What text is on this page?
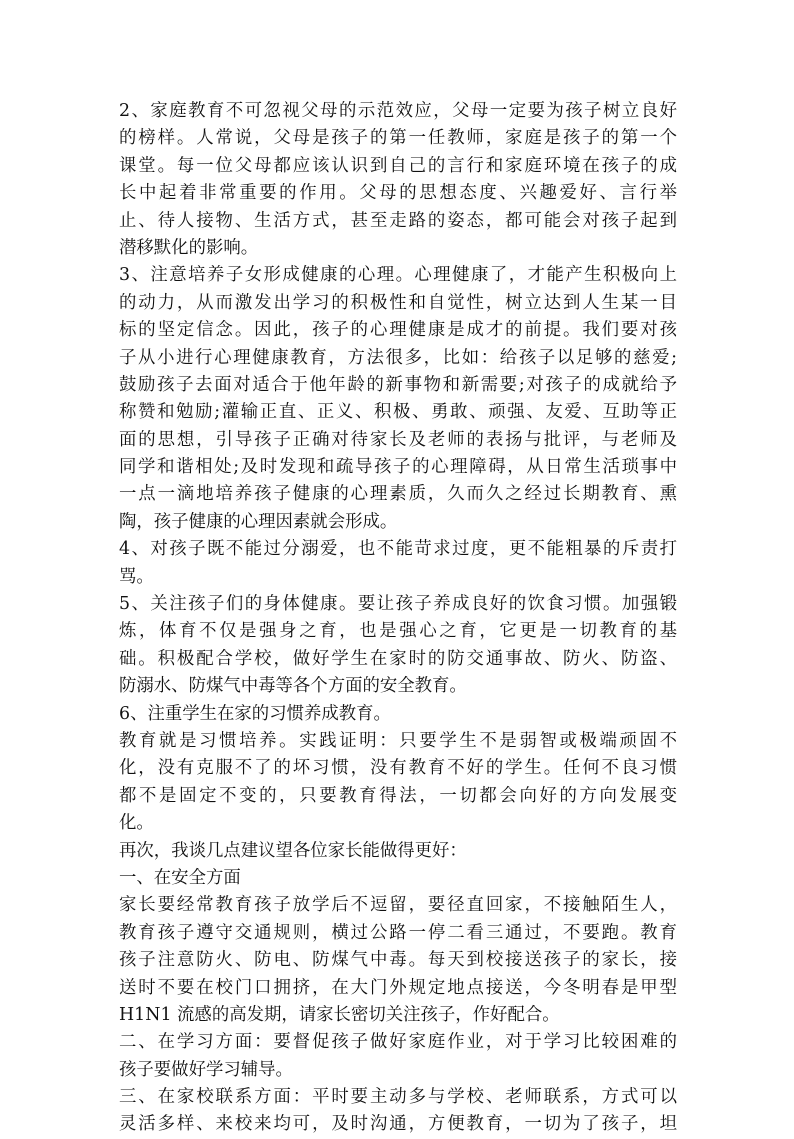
2、家庭教育不可忽视父母的示范效应，父母一定要为孩子树立良好
的榜样。人常说，父母是孩子的第一任教师，家庭是孩子的第一个
课堂。每一位父母都应该认识到自己的言行和家庭环境在孩子的成
长中起着非常重要的作用。父母的思想态度、兴趣爱好、言行举
止、待人接物、生活方式，甚至走路的姿态，都可能会对孩子起到
潜移默化的影响。
3、注意培养子女形成健康的心理。心理健康了，才能产生积极向上
的动力，从而激发出学习的积极性和自觉性，树立达到人生某一目
标的坚定信念。因此，孩子的心理健康是成才的前提。我们要对孩
子从小进行心理健康教育，方法很多，比如：给孩子以足够的慈爱;
鼓励孩子去面对适合于他年龄的新事物和新需要;对孩子的成就给予
称赞和勉励;灌输正直、正义、积极、勇敢、顽强、友爱、互助等正
面的思想，引导孩子正确对待家长及老师的表扬与批评，与老师及
同学和谐相处;及时发现和疏导孩子的心理障碍，从日常生活琐事中
一点一滴地培养孩子健康的心理素质，久而久之经过长期教育、熏
陶，孩子健康的心理因素就会形成。
4、对孩子既不能过分溺爱，也不能苛求过度，更不能粗暴的斥责打
骂。
5、关注孩子们的身体健康。要让孩子养成良好的饮食习惯。加强锻
炼，体育不仅是强身之育，也是强心之育，它更是一切教育的基
础。积极配合学校，做好学生在家时的防交通事故、防火、防盗、
防溺水、防煤气中毒等各个方面的安全教育。
6、注重学生在家的习惯养成教育。
教育就是习惯培养。实践证明：只要学生不是弱智或极端顽固不
化，没有克服不了的坏习惯，没有教育不好的学生。任何不良习惯
都不是固定不变的，只要教育得法，一切都会向好的方向发展变
化。
再次，我谈几点建议望各位家长能做得更好：
一、在安全方面
家长要经常教育孩子放学后不逗留，要径直回家，不接触陌生人，
教育孩子遵守交通规则，横过公路一停二看三通过，不要跑。教育
孩子注意防火、防电、防煤气中毒。每天到校接送孩子的家长，接
送时不要在校门口拥挤，在大门外规定地点接送，今冬明春是甲型
H1N1 流感的高发期，请家长密切关注孩子，作好配合。
二、在学习方面：要督促孩子做好家庭作业，对于学习比较困难的
孩子要做好学习辅导。
三、在家校联系方面：平时要主动多与学校、老师联系，方式可以
灵活多样、来校来均可，及时沟通，方便教育，一切为了孩子，坦
